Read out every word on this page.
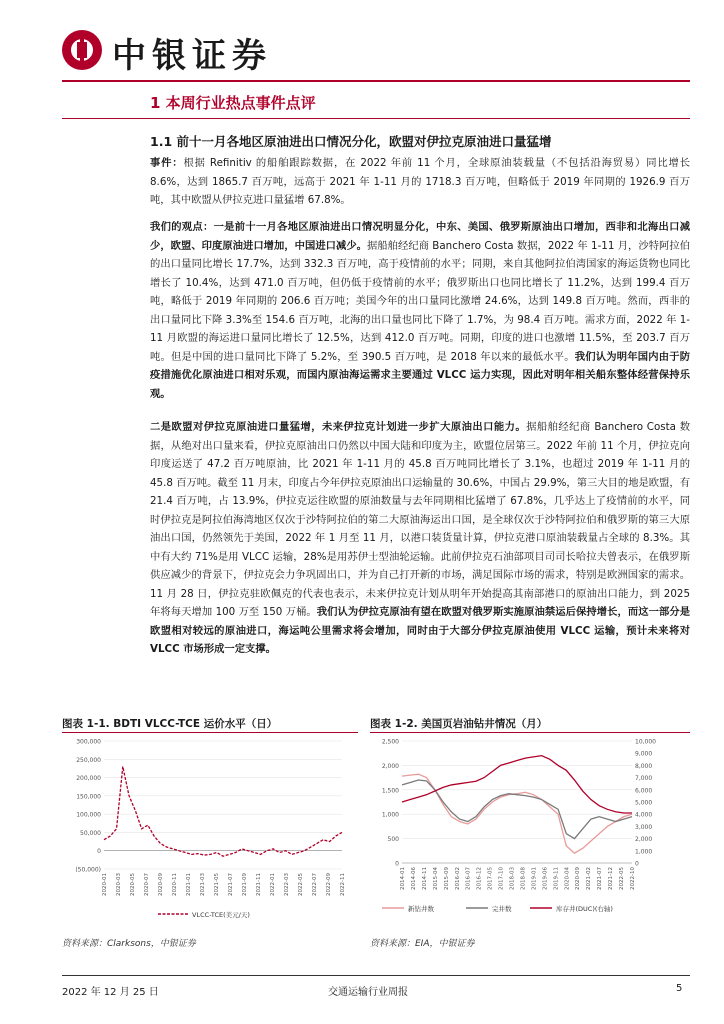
中银证券
1 本周行业热点事件点评
1.1 前十一月各地区原油进出口情况分化，欧盟对伊拉克原油进口量猛增
事件：根据 Refinitiv 的船舶跟踪数据，在 2022 年前 11 个月，全球原油装载量（不包括沿海贸易）同比增长 8.6%，达到 1865.7 百万吨，远高于 2021 年 1-11 月的 1718.3 百万吨，但略低于 2019 年同期的 1926.9 百万吨，其中欧盟从伊拉克进口量猛增 67.8%。
我们的观点：一是前十一月各地区原油进出口情况明显分化，中东、美国、俄罗斯原油出口增加，西非和北海出口减少，欧盟、印度原油进口增加，中国进口减少。据船舶经纪商 Banchero Costa 数据，2022 年 1-11 月，沙特阿拉伯的出口量同比增长 17.7%，达到 332.3 百万吨，高于疫情前的水平；同期，来自其他阿拉伯湾国家的海运货物也同比增长了 10.4%，达到 471.0 百万吨，但仍低于疫情前的水平；俄罗斯出口也同比增长了 11.2%，达到 199.4 百万吨，略低于 2019 年同期的 206.6 百万吨；美国今年的出口量同比激增 24.6%，达到 149.8 百万吨。然而，西非的出口量同比下降 3.3%至 154.6 百万吨，北海的出口量也同比下降了 1.7%，为 98.4 百万吨。需求方面，2022 年 1-11 月欧盟的海运进口量同比增长了 12.5%，达到 412.0 百万吨。同期，印度的进口也激增 11.5%，至 203.7 百万吨。但是中国的进口量同比下降了 5.2%，至 390.5 百万吨，是 2018 年以来的最低水平。我们认为明年国内由于防疫措施优化原油进口相对乐观，而国内原油海运需求主要通过 VLCC 运力实现，因此对明年相关船东整体经营保持乐观。
二是欧盟对伊拉克原油进口量猛增，未来伊拉克计划进一步扩大原油出口能力。据船舶经纪商 Banchero Costa 数据，从绝对出口量来看，伊拉克原油出口仍然以中国大陆和印度为主，欧盟位居第三。2022 年前 11 个月，伊拉克向印度运送了 47.2 百万吨原油，比 2021 年 1-11 月的 45.8 百万吨同比增长了 3.1%，也超过 2019 年 1-11 月的 45.8 百万吨。截至 11 月末，印度占今年伊拉克原油出口运输量的 30.6%，中国占 29.9%，第三大目的地是欧盟，有 21.4 百万吨，占 13.9%，伊拉克运往欧盟的原油数量与去年同期相比猛增了 67.8%，几乎达上了疫情前的水平，同时伊拉克是阿拉伯海湾地区仅次于沙特阿拉伯的第二大原油海运出口国，是全球仅次于沙特阿拉伯和俄罗斯的第三大原油出口国，仍然领先于美国，2022 年 1 月至 11 月，以港口装货量计算，伊拉克港口原油装载量占全球的 8.3%。其中有大约 71%是用 VLCC 运输，28%是用苏伊士型油轮运输。此前伊拉克石油部项目司司长哈拉夫曾表示，在俄罗斯供应减少的背景下，伊拉克会力争巩固出口，并为自己打开新的市场，满足国际市场的需求，特别是欧洲国家的需求。11 月 28 日，伊拉克驻欧佩克的代表也表示，未来伊拉克计划从明年开始提高其南部港口的原油出口能力，到 2025 年将每天增加 100 万至 150 万桶。我们认为伊拉克原油有望在欧盟对俄罗斯实施原油禁运后保持增长，而这一部分是欧盟相对较远的原油进口，海运吨公里需求将会增加，同时由于大部分伊拉克原油使用 VLCC 运输，预计未来将对 VLCC 市场形成一定支撑。
图表 1-1. BDTI VLCC-TCE 运价水平（日）
300,000
250,000
200,000
150,000
100,000
50,000
0
(50,000)
2020-01 2020-03 2020-05 2020-07 2020-09 2020-11 2021-01 2021-03 2021-05 2021-07 2021-09 2021-11 2022-01 2022-03 2022-05 2022-07 2022-09 2022-11
VLCC-TCE(美元/天)
资料来源：Clarksons，中银证券
图表 1-2. 美国页岩油钻井情况（月）
2,500
2,000
1,500
1,000
500
0
10,000
9,000
8,000
7,000
6,000
5,000
4,000
3,000
2,000
1,000
0
2014-01 2014-06 2014-11 2015-04 2015-09 2016-02 2016-07 2016-12 2017-05 2017-10 2018-03 2018-08 2019-01 2019-06 2019-11 2020-04 2020-09 2021-02 2021-07 2021-12 2022-05 2022-10
新钻井数	完井数	库存井(DUC)(右轴)
资料来源：EIA，中银证券
2022 年 12 月 25 日	交通运输行业周报	5
